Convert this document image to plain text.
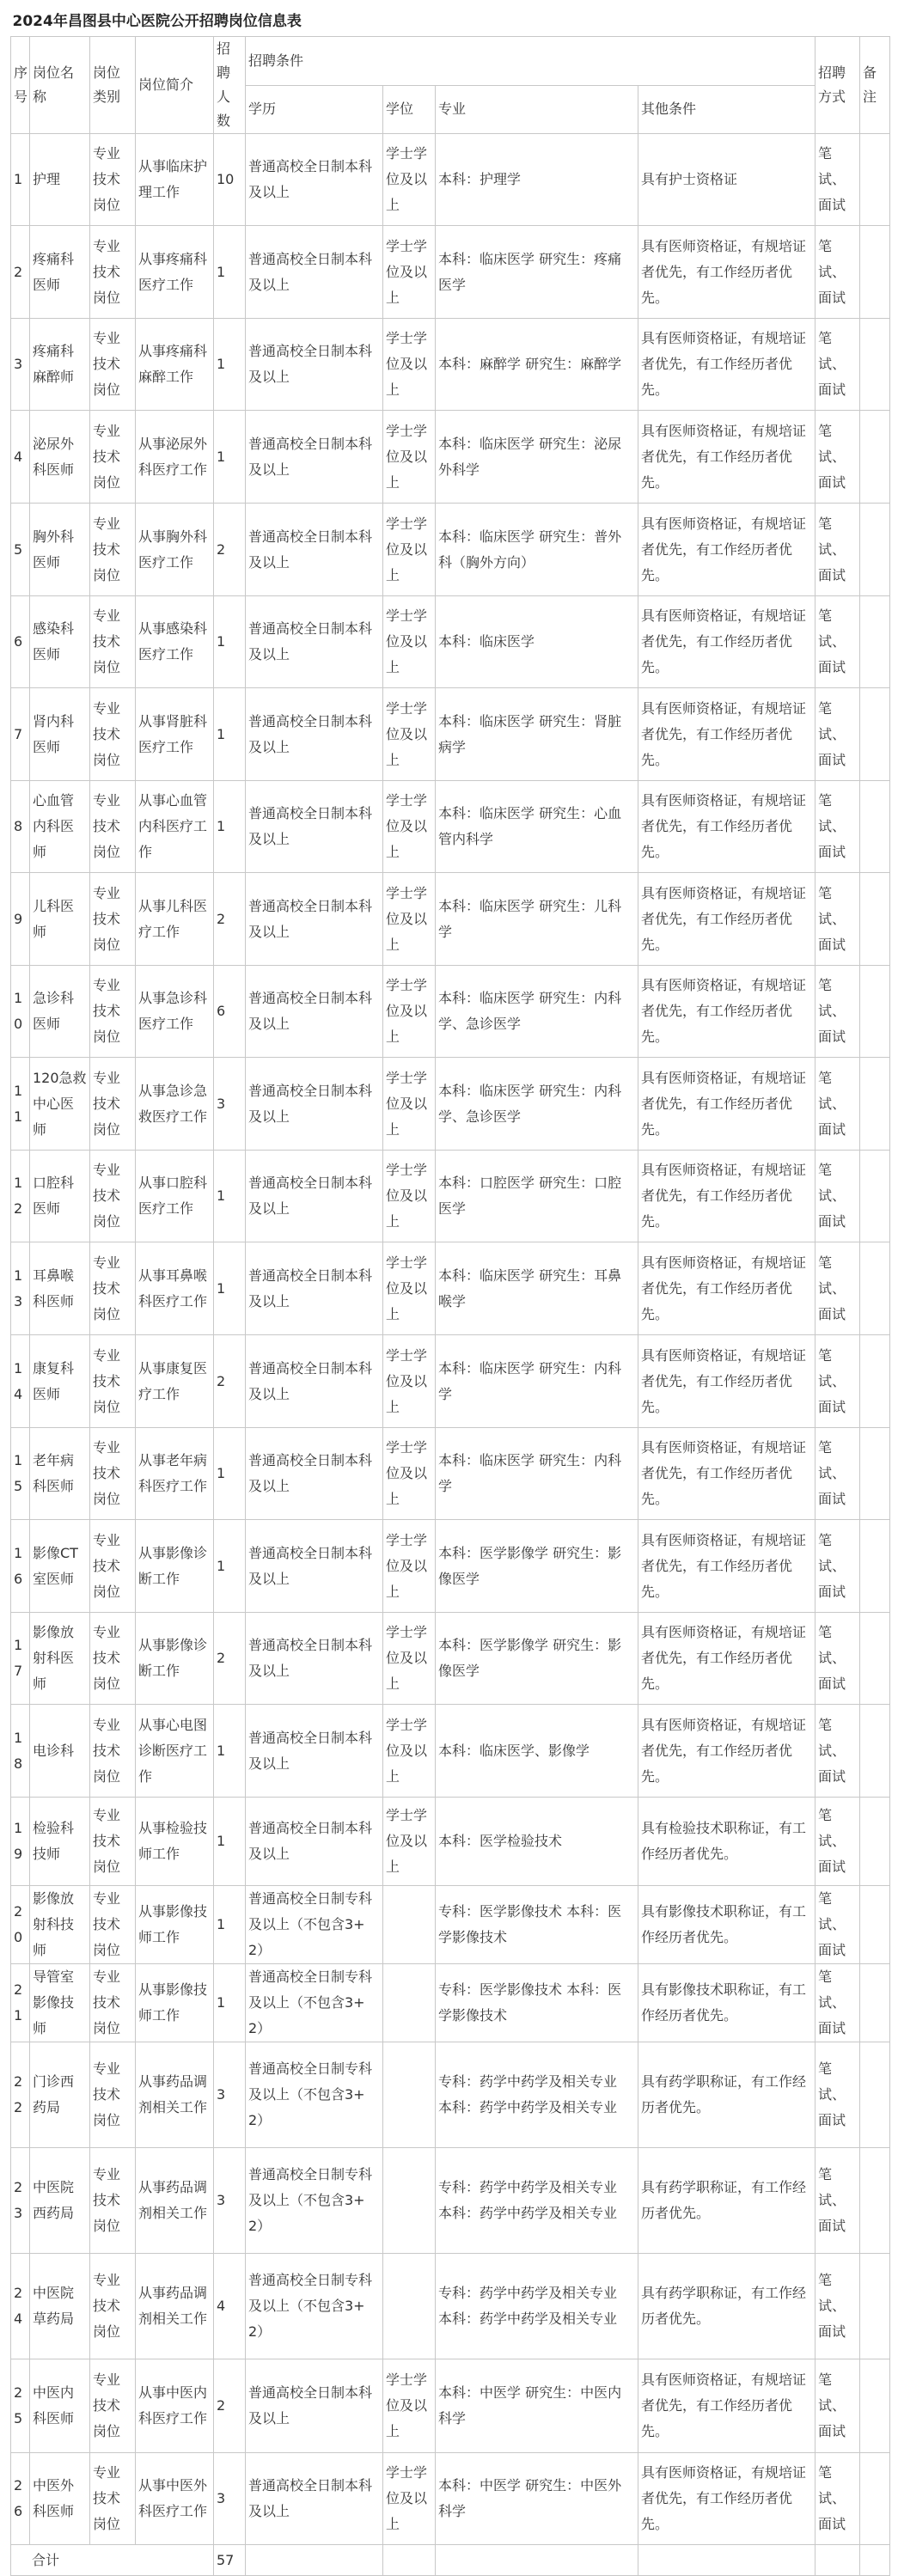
2024年昌图县中心医院公开招聘岗位信息表										
序号	岗位名称	岗位类别	岗位简介	招聘人数	招聘条件				招聘方式	备注
					学历	学位	专业	其他条件		
1	护理	专业技术岗位	从事临床护理工作	10	普通高校全日制本科及以上	学士学位及以上	本科：护理学	具有护士资格证	笔试、面试	
2	疼痛科医师	专业技术岗位	从事疼痛科医疗工作	1	普通高校全日制本科及以上	学士学位及以上	本科：临床医学 研究生：疼痛医学	具有医师资格证，有规培证者优先，有工作经历者优先。	笔试、面试	
3	疼痛科麻醉师	专业技术岗位	从事疼痛科麻醉工作	1	普通高校全日制本科及以上	学士学位及以上	本科：麻醉学 研究生：麻醉学	具有医师资格证，有规培证者优先，有工作经历者优先。	笔试、面试	
4	泌尿外科医师	专业技术岗位	从事泌尿外科医疗工作	1	普通高校全日制本科及以上	学士学位及以上	本科：临床医学 研究生：泌尿外科学	具有医师资格证，有规培证者优先，有工作经历者优先。	笔试、面试	
5	胸外科医师	专业技术岗位	从事胸外科医疗工作	2	普通高校全日制本科及以上	学士学位及以上	本科：临床医学 研究生：普外科（胸外方向）	具有医师资格证，有规培证者优先，有工作经历者优先。	笔试、面试	
6	感染科医师	专业技术岗位	从事感染科医疗工作	1	普通高校全日制本科及以上	学士学位及以上	本科：临床医学	具有医师资格证，有规培证者优先，有工作经历者优先。	笔试、面试	
7	肾内科医师	专业技术岗位	从事肾脏科医疗工作	1	普通高校全日制本科及以上	学士学位及以上	本科：临床医学 研究生：肾脏病学	具有医师资格证，有规培证者优先，有工作经历者优先。	笔试、面试	
8	心血管内科医师	专业技术岗位	从事心血管内科医疗工作	1	普通高校全日制本科及以上	学士学位及以上	本科：临床医学 研究生：心血管内科学	具有医师资格证，有规培证者优先，有工作经历者优先。	笔试、面试	
9	儿科医师	专业技术岗位	从事儿科医疗工作	2	普通高校全日制本科及以上	学士学位及以上	本科：临床医学 研究生：儿科学	具有医师资格证，有规培证者优先，有工作经历者优先。	笔试、面试	
10	急诊科医师	专业技术岗位	从事急诊科医疗工作	6	普通高校全日制本科及以上	学士学位及以上	本科：临床医学 研究生：内科学、急诊医学	具有医师资格证，有规培证者优先，有工作经历者优先。	笔试、面试	
11	120急救中心医师	专业技术岗位	从事急诊急救医疗工作	3	普通高校全日制本科及以上	学士学位及以上	本科：临床医学 研究生：内科学、急诊医学	具有医师资格证，有规培证者优先，有工作经历者优先。	笔试、面试	
12	口腔科医师	专业技术岗位	从事口腔科医疗工作	1	普通高校全日制本科及以上	学士学位及以上	本科：口腔医学 研究生：口腔医学	具有医师资格证，有规培证者优先，有工作经历者优先。	笔试、面试	
13	耳鼻喉科医师	专业技术岗位	从事耳鼻喉科医疗工作	1	普通高校全日制本科及以上	学士学位及以上	本科：临床医学 研究生：耳鼻喉学	具有医师资格证，有规培证者优先，有工作经历者优先。	笔试、面试	
14	康复科医师	专业技术岗位	从事康复医疗工作	2	普通高校全日制本科及以上	学士学位及以上	本科：临床医学 研究生：内科学	具有医师资格证，有规培证者优先，有工作经历者优先。	笔试、面试	
15	老年病科医师	专业技术岗位	从事老年病科医疗工作	1	普通高校全日制本科及以上	学士学位及以上	本科：临床医学 研究生：内科学	具有医师资格证，有规培证者优先，有工作经历者优先。	笔试、面试	
16	影像CT室医师	专业技术岗位	从事影像诊断工作	1	普通高校全日制本科及以上	学士学位及以上	本科：医学影像学 研究生：影像医学	具有医师资格证，有规培证者优先，有工作经历者优先。	笔试、面试	
17	影像放射科医师	专业技术岗位	从事影像诊断工作	2	普通高校全日制本科及以上	学士学位及以上	本科：医学影像学 研究生：影像医学	具有医师资格证，有规培证者优先，有工作经历者优先。	笔试、面试	
18	电诊科	专业技术岗位	从事心电图诊断医疗工作	1	普通高校全日制本科及以上	学士学位及以上	本科：临床医学、影像学	具有医师资格证，有规培证者优先，有工作经历者优先。	笔试、面试	
19	检验科技师	专业技术岗位	从事检验技师工作	1	普通高校全日制本科及以上	学士学位及以上	本科：医学检验技术	具有检验技术职称证，有工作经历者优先。	笔试、面试	
20	影像放射科技师	专业技术岗位	从事影像技师工作	1	普通高校全日制专科及以上（不包含3+2）		专科：医学影像技术 本科：医学影像技术	具有影像技术职称证，有工作经历者优先。	笔试、面试	
21	导管室影像技师	专业技术岗位	从事影像技师工作	1	普通高校全日制专科及以上（不包含3+2）		专科：医学影像技术 本科：医学影像技术	具有影像技术职称证，有工作经历者优先。	笔试、面试	
22	门诊西药局	专业技术岗位	从事药品调剂相关工作	3	普通高校全日制专科及以上（不包含3+2）		专科：药学中药学及相关专业 本科：药学中药学及相关专业	具有药学职称证，有工作经历者优先。	笔试、面试	
23	中医院西药局	专业技术岗位	从事药品调剂相关工作	3	普通高校全日制专科及以上（不包含3+2）		专科：药学中药学及相关专业 本科：药学中药学及相关专业	具有药学职称证，有工作经历者优先。	笔试、面试	
24	中医院草药局	专业技术岗位	从事药品调剂相关工作	4	普通高校全日制专科及以上（不包含3+2）		专科：药学中药学及相关专业 本科：药学中药学及相关专业	具有药学职称证，有工作经历者优先。	笔试、面试	
25	中医内科医师	专业技术岗位	从事中医内科医疗工作	2	普通高校全日制本科及以上	学士学位及以上	本科：中医学 研究生：中医内科学	具有医师资格证，有规培证者优先，有工作经历者优先。	笔试、面试	
26	中医外科医师	专业技术岗位	从事中医外科医疗工作	3	普通高校全日制本科及以上	学士学位及以上	本科：中医学 研究生：中医外科学	具有医师资格证，有规培证者优先，有工作经历者优先。	笔试、面试	
合计				57						
